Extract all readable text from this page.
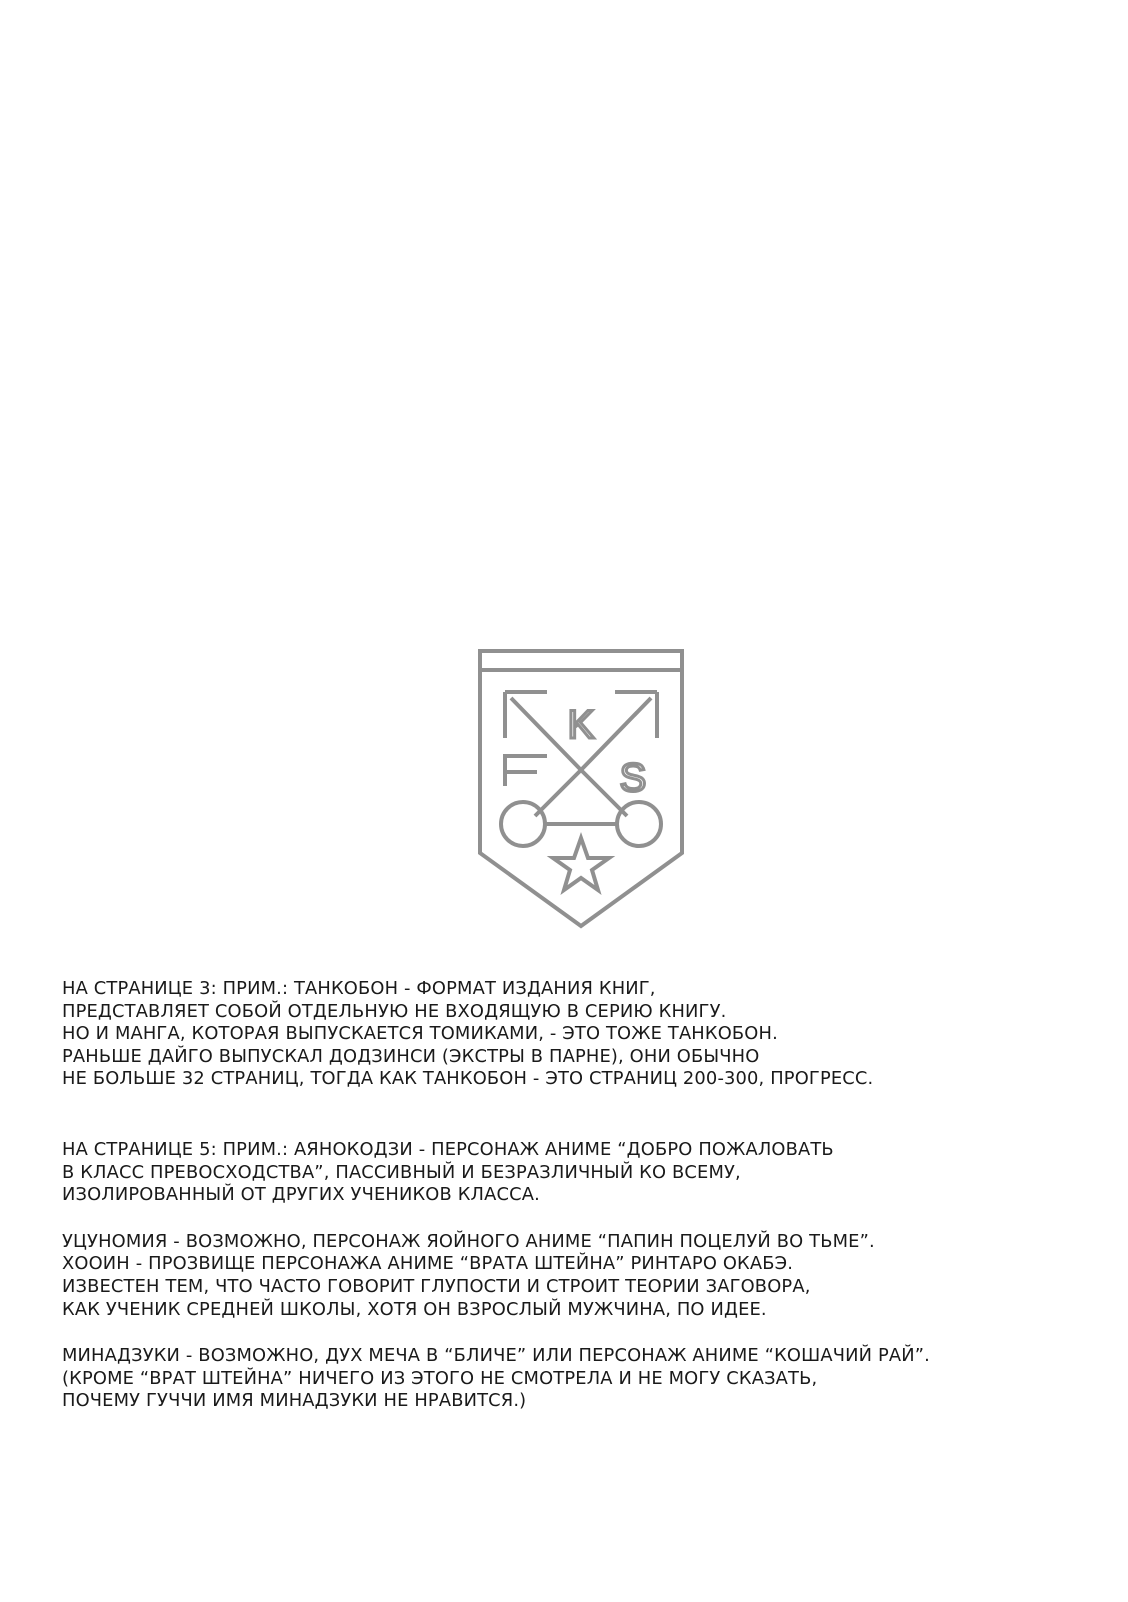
K
S

НА СТРАНИЦЕ 3: ПРИМ.: ТАНКОБОН - ФОРМАТ ИЗДАНИЯ КНИГ,
ПРЕДСТАВЛЯЕТ СОБОЙ ОТДЕЛЬНУЮ НЕ ВХОДЯЩУЮ В СЕРИЮ КНИГУ.
НО И МАНГА, КОТОРАЯ ВЫПУСКАЕТСЯ ТОМИКАМИ, - ЭТО ТОЖЕ ТАНКОБОН.
РАНЬШЕ ДАЙГО ВЫПУСКАЛ ДОДЗИНСИ (ЭКСТРЫ В ПАРНЕ), ОНИ ОБЫЧНО
НЕ БОЛЬШЕ 32 СТРАНИЦ, ТОГДА КАК ТАНКОБОН - ЭТО СТРАНИЦ 200-300, ПРОГРЕСС.

НА СТРАНИЦЕ 5: ПРИМ.: АЯНОКОДЗИ - ПЕРСОНАЖ АНИМЕ “ДОБРО ПОЖАЛОВАТЬ
В КЛАСС ПРЕВОСХОДСТВА”, ПАССИВНЫЙ И БЕЗРАЗЛИЧНЫЙ КО ВСЕМУ,
ИЗОЛИРОВАННЫЙ ОТ ДРУГИХ УЧЕНИКОВ КЛАССА.

УЦУНОМИЯ - ВОЗМОЖНО, ПЕРСОНАЖ ЯОЙНОГО АНИМЕ “ПАПИН ПОЦЕЛУЙ ВО ТЬМЕ”.
ХООИН - ПРОЗВИЩЕ ПЕРСОНАЖА АНИМЕ “ВРАТА ШТЕЙНА” РИНТАРО ОКАБЭ.
ИЗВЕСТЕН ТЕМ, ЧТО ЧАСТО ГОВОРИТ ГЛУПОСТИ И СТРОИТ ТЕОРИИ ЗАГОВОРА,
КАК УЧЕНИК СРЕДНЕЙ ШКОЛЫ, ХОТЯ ОН ВЗРОСЛЫЙ МУЖЧИНА, ПО ИДЕЕ.

МИНАДЗУКИ - ВОЗМОЖНО, ДУХ МЕЧА В “БЛИЧЕ” ИЛИ ПЕРСОНАЖ АНИМЕ “КОШАЧИЙ РАЙ”.
(КРОМЕ “ВРАТ ШТЕЙНА” НИЧЕГО ИЗ ЭТОГО НЕ СМОТРЕЛА И НЕ МОГУ СКАЗАТЬ,
ПОЧЕМУ ГУЧЧИ ИМЯ МИНАДЗУКИ НЕ НРАВИТСЯ.)
